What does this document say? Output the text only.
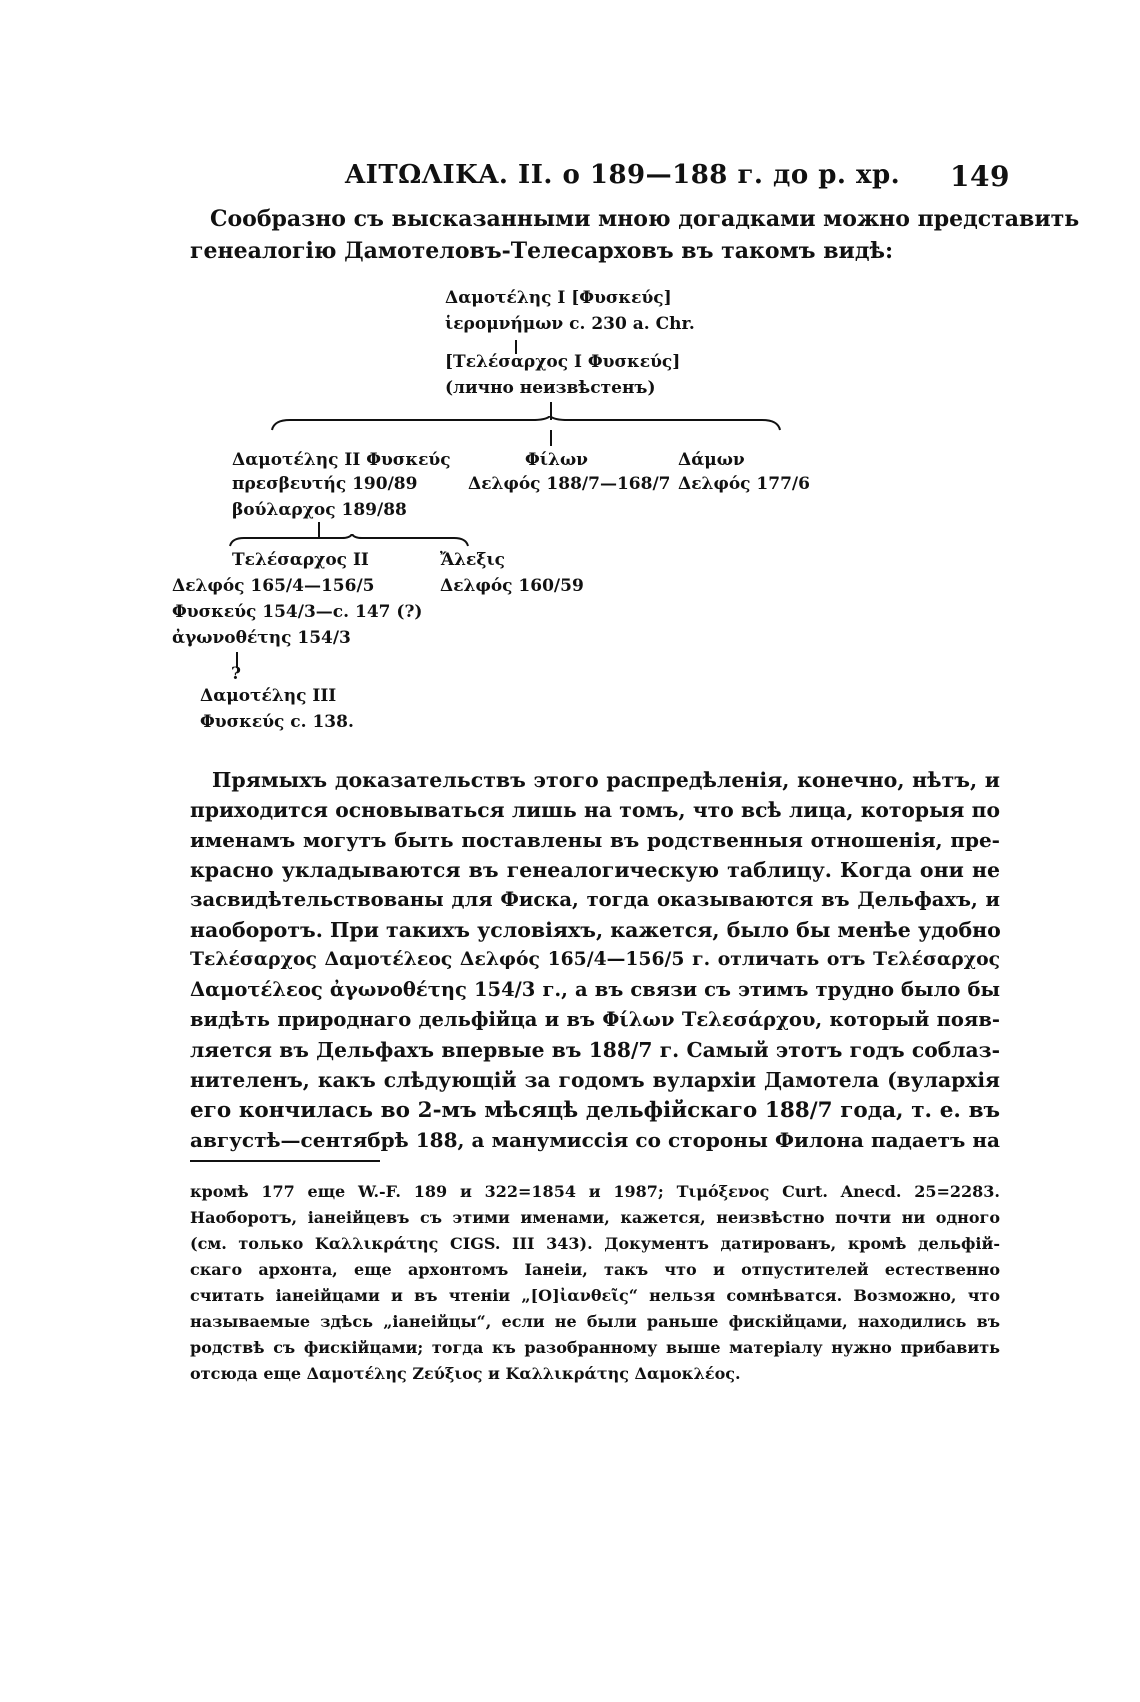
ΑΙΤΩΛΙΚΑ. II. о 189—188 г. до р. хр. 149
Сообразно съ высказанными мною догадками можно представить
генеалогію Дамотеловъ-Телесарховъ въ такомъ видѣ:
Δαμοτέλης I [Φυσκεύς]
ἱερομνήμων c. 230 a. Chr.
[Τελέσαρχος I Φυσκεύς]
(лично неизвѣстенъ)
Δαμοτέλης II Φυσκεύς
πρεσβευτής 190/89
βούλαρχος 189/88
Φίλων
Δελφός 188/7—168/7
Δάμων
Δελφός 177/6
Τελέσαρχος II
Δελφός 165/4—156/5
Φυσκεύς 154/3—c. 147 (?)
ἀγωνοθέτης 154/3
Ἄλεξις
Δελφός 160/59
?
Δαμοτέλης III
Φυσκεύς c. 138.
Прямыхъ доказательствъ этого распредѣленія, конечно, нѣтъ, и
приходится основываться лишь на томъ, что всѣ лица, которыя по
именамъ могутъ быть поставлены въ родственныя отношенія, пре-
красно укладываются въ генеалогическую таблицу. Когда они не
засвидѣтельствованы для Фиска, тогда оказываются въ Дельфахъ, и
наоборотъ. При такихъ условіяхъ, кажется, было бы менѣе удобно
Τελέσαρχος Δαμοτέλεος Δελφός 165/4—156/5 г. отличать отъ Τελέσαρχος
Δαμοτέλεος ἀγωνοθέτης 154/3 г., а въ связи съ этимъ трудно было бы
видѣть природнаго дельфійца и въ Φίλων Τελεσάρχου, который появ-
ляется въ Дельфахъ впервые въ 188/7 г. Самый этотъ годъ соблаз-
нителенъ, какъ слѣдующій за годомъ вулархіи Дамотела (вулархія
его кончилась во 2-мъ мѣсяцѣ дельфійскаго 188/7 года, т. е. въ
августѣ—сентябрѣ 188, а манумиссія со стороны Филона падаетъ на
кромѣ 177 еще W.-F. 189 и 322=1854 и 1987; Τιμόξενος Curt. Anecd. 25=2283.
Наоборотъ, іанеійцевъ съ этими именами, кажется, неизвѣстно почти ни одного
(см. только Καλλικράτης CIGS. III 343). Документъ датированъ, кромѣ дельфій-
скаго архонта, еще архонтомъ Іанеіи, такъ что и отпустителей естественно
считать іанеійцами и въ чтеніи „[Ο]ἰανθεῖς“ нельзя сомнѣватся. Возможно, что
называемые здѣсь „іанеійцы“, если не были раньше фискійцами, находились въ
родствѣ съ фискійцами; тогда къ разобранному выше матеріалу нужно прибавить
отсюда еще Δαμοτέλης Ζεύξιος и Καλλικράτης Δαμοκλέος.
